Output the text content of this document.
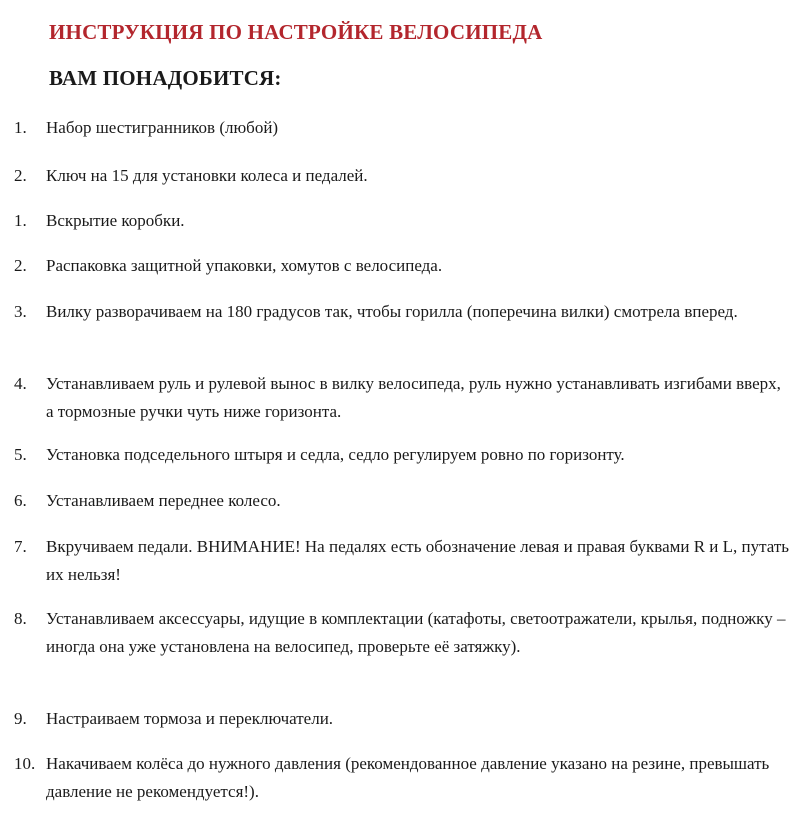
ИНСТРУКЦИЯ ПО НАСТРОЙКЕ ВЕЛОСИПЕДА
ВАМ ПОНАДОБИТСЯ:
1. Набор шестигранников (любой)
2. Ключ на 15 для установки колеса и педалей.
1. Вскрытие коробки.
2. Распаковка защитной упаковки, хомутов с велосипеда.
3. Вилку разворачиваем на 180 градусов так, чтобы горилла (поперечина вилки) смотрела вперед.
4. Устанавливаем руль и рулевой вынос в вилку велосипеда, руль нужно устанавливать изгибами вверх, а тормозные ручки чуть ниже горизонта.
5. Установка подседельного штыря и седла, седло регулируем ровно по горизонту.
6. Устанавливаем переднее колесо.
7. Вкручиваем педали. ВНИМАНИЕ! На педалях есть обозначение левая и правая буквами R и L, путать их нельзя!
8. Устанавливаем аксессуары, идущие в комплектации (катафоты, светоотражатели, крылья, подножку – иногда она уже установлена на велосипед, проверьте её затяжку).
9. Настраиваем тормоза и переключатели.
10. Накачиваем колёса до нужного давления (рекомендованное давление указано на резине, превышать давление не рекомендуется!).
